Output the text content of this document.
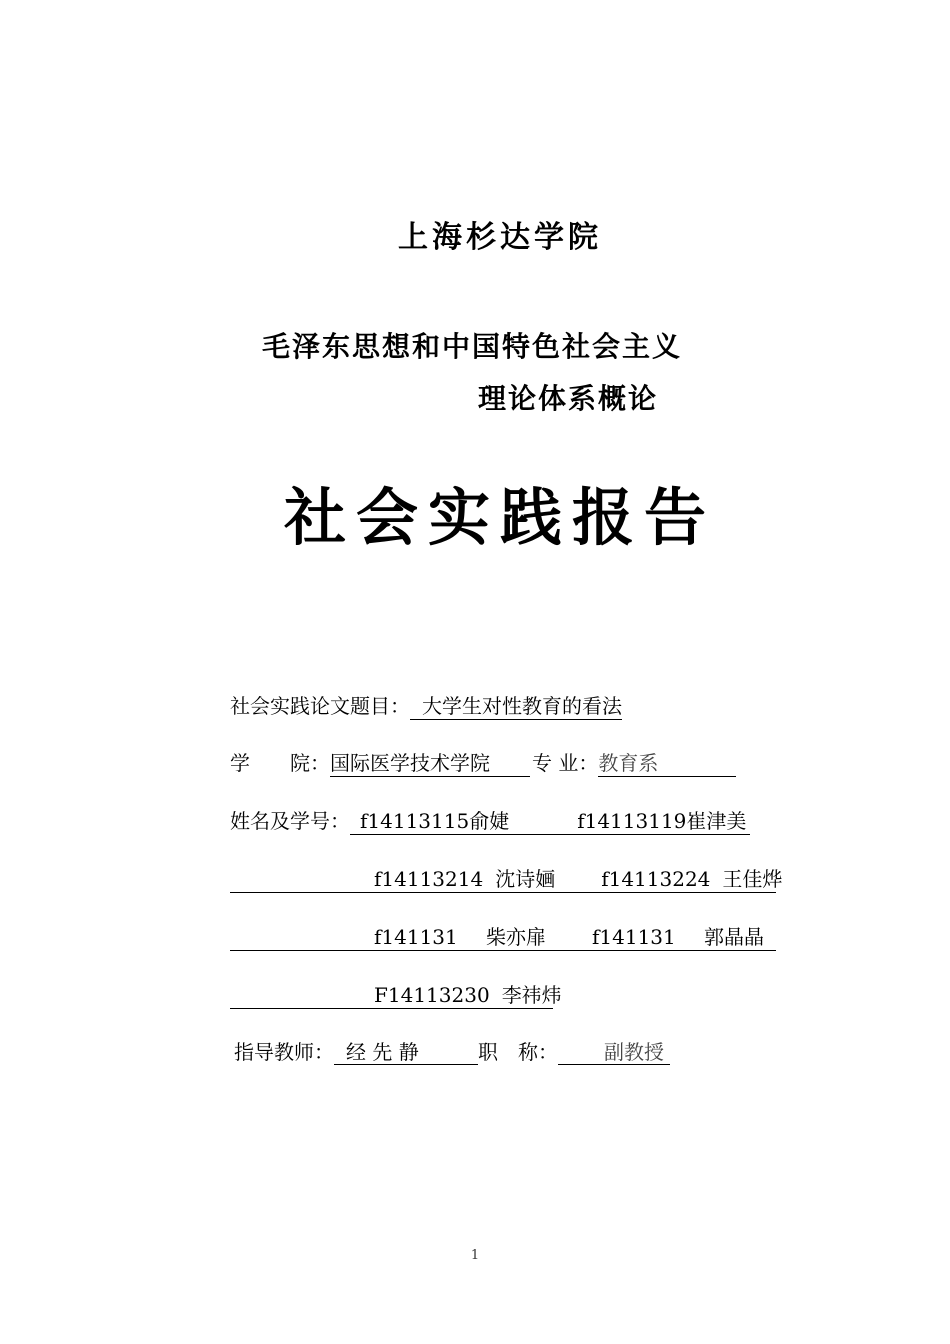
上海杉达学院
毛泽东思想和中国特色社会主义
理论体系概论
社会实践报告
社会实践论文题目： 大学生对性教育的看法
学　　院：国际医学技术学院 专 业：教育系
姓名及学号： f14113115俞婕	f14113119崔津美
f14113214 沈诗婳 f14113224 王佳烨
f141131 柴亦扉 f141131 郭晶晶
F14113230 李祎炜
指导教师： 经 先 静	职　称： 副教授
1
